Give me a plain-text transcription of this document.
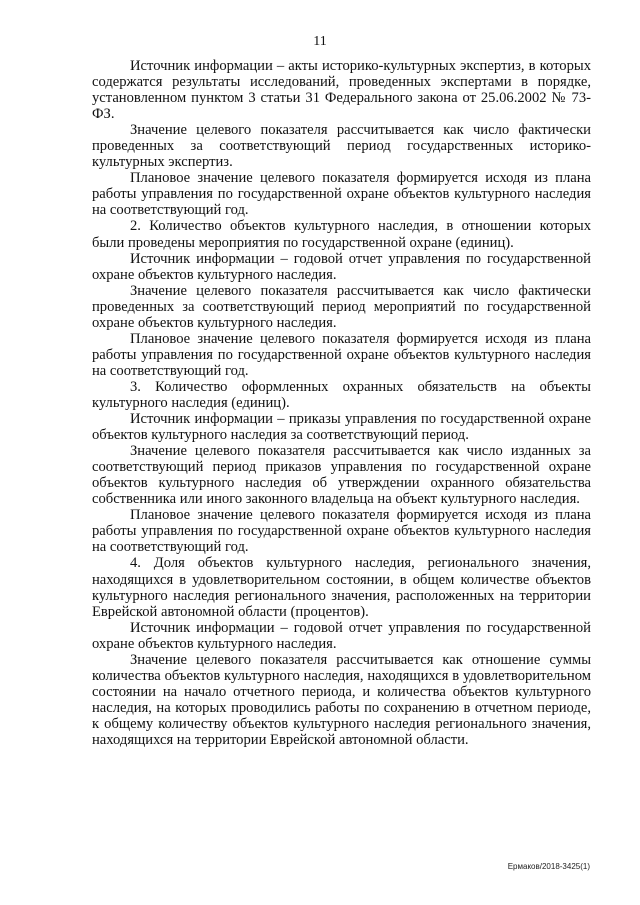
11

Источник информации – акты историко-культурных экспертиз, в которых содержатся результаты исследований, проведенных экспертами в порядке, установленном пунктом 3 статьи 31 Федерального закона от 25.06.2002 № 73-ФЗ.

Значение целевого показателя рассчитывается как число фактически проведенных за соответствующий период государственных историко-культурных экспертиз.

Плановое значение целевого показателя формируется исходя из плана работы управления по государственной охране объектов культурного наследия на соответствующий год.

2. Количество объектов культурного наследия, в отношении которых были проведены мероприятия по государственной охране (единиц).

Источник информации – годовой отчет управления по государственной охране объектов культурного наследия.

Значение целевого показателя рассчитывается как число фактически проведенных за соответствующий период мероприятий по государственной охране объектов культурного наследия.

Плановое значение целевого показателя формируется исходя из плана работы управления по государственной охране объектов культурного наследия на соответствующий год.

3. Количество оформленных охранных обязательств на объекты культурного наследия (единиц).

Источник информации – приказы управления по государственной охране объектов культурного наследия за соответствующий период.

Значение целевого показателя рассчитывается как число изданных за соответствующий период приказов управления по государственной охране объектов культурного наследия об утверждении охранного обязательства собственника или иного законного владельца на объект культурного наследия.

Плановое значение целевого показателя формируется исходя из плана работы управления по государственной охране объектов культурного наследия на соответствующий год.

4. Доля объектов культурного наследия, регионального значения, находящихся в удовлетворительном состоянии, в общем количестве объектов культурного наследия регионального значения, расположенных на территории Еврейской автономной области (процентов).

Источник информации – годовой отчет управления по государственной охране объектов культурного наследия.

Значение целевого показателя рассчитывается как отношение суммы количества объектов культурного наследия, находящихся в удовлетворительном состоянии на начало отчетного периода, и количества объектов культурного наследия, на которых проводились работы по сохранению в отчетном периоде, к общему количеству объектов культурного наследия регионального значения, находящихся на территории Еврейской автономной области.

Ермаков/2018-3425(1)
